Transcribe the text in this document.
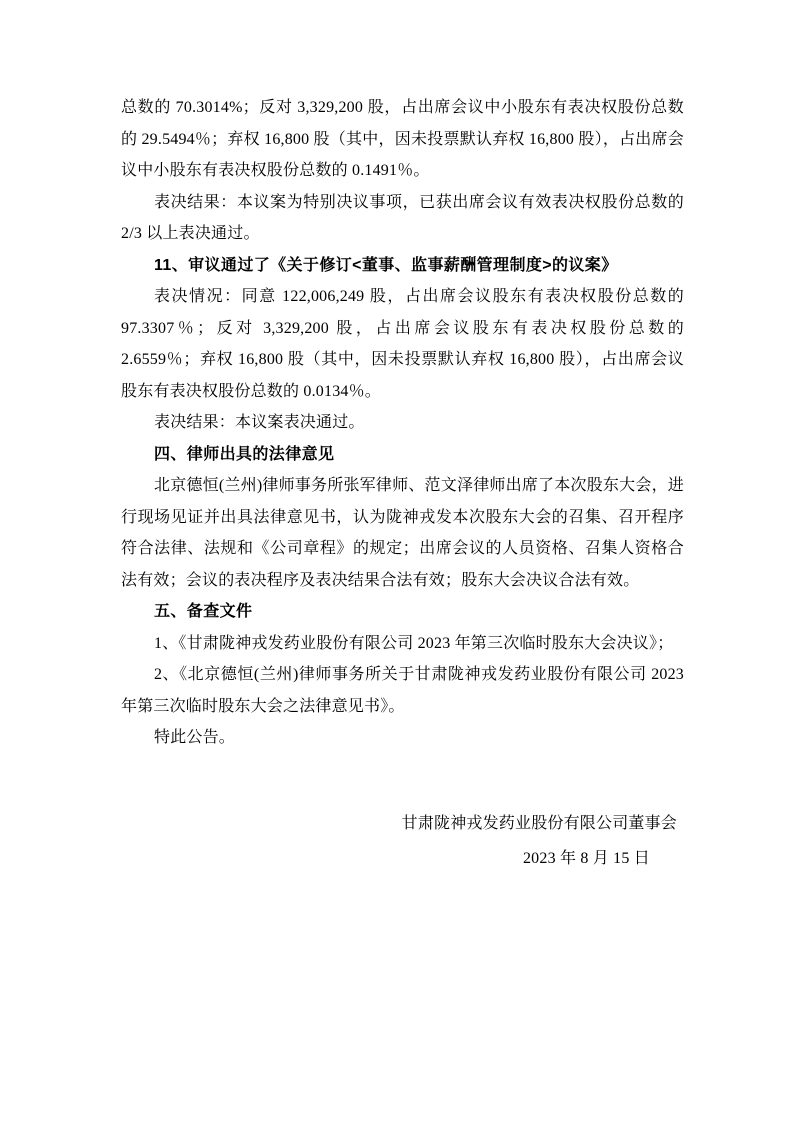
总数的 70.3014%；反对 3,329,200 股，占出席会议中小股东有表决权股份总数的 29.5494％；弃权 16,800 股（其中，因未投票默认弃权 16,800 股），占出席会议中小股东有表决权股份总数的 0.1491％。

表决结果：本议案为特别决议事项，已获出席会议有效表决权股份总数的 2/3 以上表决通过。

11、审议通过了《关于修订<董事、监事薪酬管理制度>的议案》

表决情况：同意 122,006,249 股，占出席会议股东有表决权股份总数的 97.3307％；反对 3,329,200 股，占出席会议股东有表决权股份总数的 2.6559％；弃权 16,800 股（其中，因未投票默认弃权 16,800 股），占出席会议股东有表决权股份总数的 0.0134％。

表决结果：本议案表决通过。

四、律师出具的法律意见

北京德恒(兰州)律师事务所张军律师、范文泽律师出席了本次股东大会，进行现场见证并出具法律意见书，认为陇神戎发本次股东大会的召集、召开程序符合法律、法规和《公司章程》的规定；出席会议的人员资格、召集人资格合法有效；会议的表决程序及表决结果合法有效；股东大会决议合法有效。

五、备查文件

1、《甘肃陇神戎发药业股份有限公司 2023 年第三次临时股东大会决议》；

2、《北京德恒(兰州)律师事务所关于甘肃陇神戎发药业股份有限公司 2023 年第三次临时股东大会之法律意见书》。

特此公告。

甘肃陇神戎发药业股份有限公司董事会
2023 年 8 月 15 日
